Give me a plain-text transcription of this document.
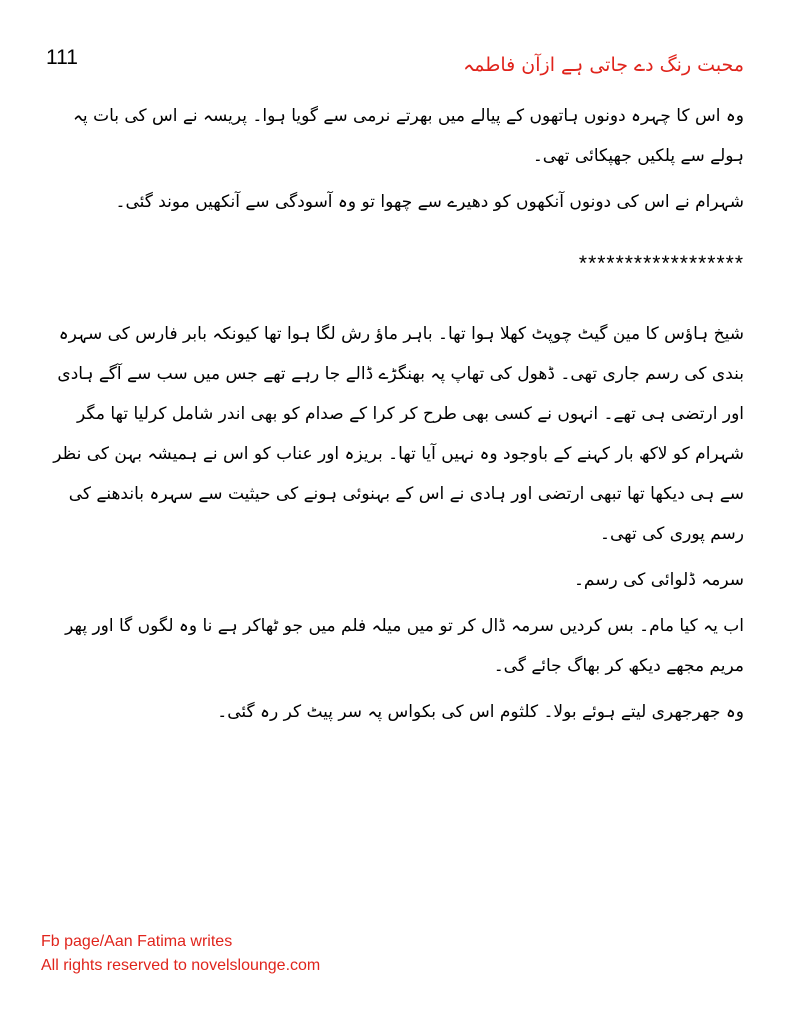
111	محبت رنگ دے جاتی ہے ازآن فاطمہ

وہ اس کا چہرہ دونوں ہاتھوں کے پیالے میں بھرتے نرمی سے گویا ہوا۔ پریسہ نے اس کی بات پہ ہولے سے پلکیں جھپکائی تھی۔

شہرام نے اس کی دونوں آنکھوں کو دھیرے سے چھوا تو وہ آسودگی سے آنکھیں موند گئی۔

******************

شیخ ہاؤس کا مین گیٹ چوپٹ کھلا ہوا تھا۔ باہر ماؤ رش لگا ہوا تھا کیونکہ بابر فارس کی سہرہ بندی کی رسم جاری تھی۔ ڈھول کی تھاپ پہ بھنگڑے ڈالے جا رہے تھے جس میں سب سے آگے ہادی اور ارتضی ہی تھے۔ انہوں نے کسی بھی طرح کر کرا کے صدام کو بھی اندر شامل کرلیا تھا مگر شہرام کو لاکھ بار کہنے کے باوجود وہ نہیں آیا تھا۔ بریزہ اور عناب کو اس نے ہمیشہ بہن کی نظر سے ہی دیکھا تھا تبھی ارتضی اور ہادی نے اس کے بہنوئی ہونے کی حیثیت سے سہرہ باندھنے کی رسم پوری کی تھی۔

سرمہ ڈلوائی کی رسم۔

اب یہ کیا مام۔ بس کردیں سرمہ ڈال کر تو میں میلہ فلم میں جو ٹھاکر ہے نا وہ لگوں گا اور پھر مریم مجھے دیکھ کر بھاگ جائے گی۔

وہ جھرجھری لیتے ہوئے بولا۔ کلثوم اس کی بکواس پہ سر پیٹ کر رہ گئی۔

Fb page/Aan Fatima writes
All rights reserved to novelslounge.com
